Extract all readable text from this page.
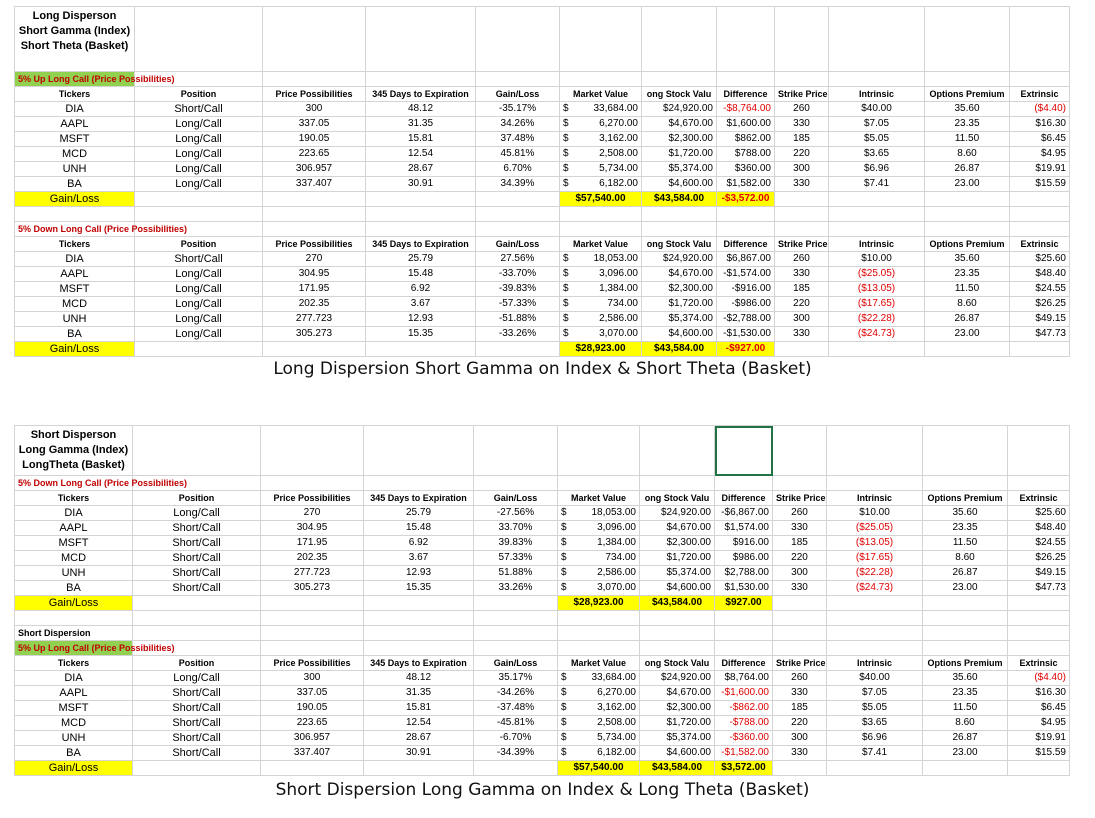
Long Disperson Short Gamma (Index) Short Theta (Basket)											
5% Up Long Call (Price Possibilities)											
Tickers	Position	Price Possibilities	345 Days to Expiration	Gain/Loss	Market Value	ong Stock Valu	Difference	Strike Price	Intrinsic	Options Premium	Extrinsic
DIA	Short/Call	300	48.12	-35.17%	$ 33,684.00	$24,920.00	-$8,764.00	260	$40.00	35.60	($4.40)
AAPL	Long/Call	337.05	31.35	34.26%	$ 6,270.00	$4,670.00	$1,600.00	330	$7.05	23.35	$16.30
MSFT	Long/Call	190.05	15.81	37.48%	$ 3,162.00	$2,300.00	$862.00	185	$5.05	11.50	$6.45
MCD	Long/Call	223.65	12.54	45.81%	$ 2,508.00	$1,720.00	$788.00	220	$3.65	8.60	$4.95
UNH	Long/Call	306.957	28.67	6.70%	$ 5,734.00	$5,374.00	$360.00	300	$6.96	26.87	$19.91
BA	Long/Call	337.407	30.91	34.39%	$ 6,182.00	$4,600.00	$1,582.00	330	$7.41	23.00	$15.59
Gain/Loss					$57,540.00	$43,584.00	-$3,572.00				

5% Down Long Call (Price Possibilities)											
Tickers	Position	Price Possibilities	345 Days to Expiration	Gain/Loss	Market Value	ong Stock Valu	Difference	Strike Price	Intrinsic	Options Premium	Extrinsic
DIA	Short/Call	270	25.79	27.56%	$ 18,053.00	$24,920.00	$6,867.00	260	$10.00	35.60	$25.60
AAPL	Long/Call	304.95	15.48	-33.70%	$ 3,096.00	$4,670.00	-$1,574.00	330	($25.05)	23.35	$48.40
MSFT	Long/Call	171.95	6.92	-39.83%	$ 1,384.00	$2,300.00	-$916.00	185	($13.05)	11.50	$24.55
MCD	Long/Call	202.35	3.67	-57.33%	$ 734.00	$1,720.00	-$986.00	220	($17.65)	8.60	$26.25
UNH	Long/Call	277.723	12.93	-51.88%	$ 2,586.00	$5,374.00	-$2,788.00	300	($22.28)	26.87	$49.15
BA	Long/Call	305.273	15.35	-33.26%	$ 3,070.00	$4,600.00	-$1,530.00	330	($24.73)	23.00	$47.73
Gain/Loss					$28,923.00	$43,584.00	-$927.00				
Long Dispersion Short Gamma on Index & Short Theta (Basket)
Short Disperson Long Gamma (Index) LongTheta (Basket)											
5% Down Long Call (Price Possibilities)											
Tickers	Position	Price Possibilities	345 Days to Expiration	Gain/Loss	Market Value	ong Stock Valu	Difference	Strike Price	Intrinsic	Options Premium	Extrinsic
DIA	Long/Call	270	25.79	-27.56%	$ 18,053.00	$24,920.00	-$6,867.00	260	$10.00	35.60	$25.60
AAPL	Short/Call	304.95	15.48	33.70%	$ 3,096.00	$4,670.00	$1,574.00	330	($25.05)	23.35	$48.40
MSFT	Short/Call	171.95	6.92	39.83%	$ 1,384.00	$2,300.00	$916.00	185	($13.05)	11.50	$24.55
MCD	Short/Call	202.35	3.67	57.33%	$ 734.00	$1,720.00	$986.00	220	($17.65)	8.60	$26.25
UNH	Short/Call	277.723	12.93	51.88%	$ 2,586.00	$5,374.00	$2,788.00	300	($22.28)	26.87	$49.15
BA	Short/Call	305.273	15.35	33.26%	$ 3,070.00	$4,600.00	$1,530.00	330	($24.73)	23.00	$47.73
Gain/Loss					$28,923.00	$43,584.00	$927.00				

Short Dispersion											
5% Up Long Call (Price Possibilities)											
Tickers	Position	Price Possibilities	345 Days to Expiration	Gain/Loss	Market Value	ong Stock Valu	Difference	Strike Price	Intrinsic	Options Premium	Extrinsic
DIA	Long/Call	300	48.12	35.17%	$ 33,684.00	$24,920.00	$8,764.00	260	$40.00	35.60	($4.40)
AAPL	Short/Call	337.05	31.35	-34.26%	$ 6,270.00	$4,670.00	-$1,600.00	330	$7.05	23.35	$16.30
MSFT	Short/Call	190.05	15.81	-37.48%	$ 3,162.00	$2,300.00	-$862.00	185	$5.05	11.50	$6.45
MCD	Short/Call	223.65	12.54	-45.81%	$ 2,508.00	$1,720.00	-$788.00	220	$3.65	8.60	$4.95
UNH	Short/Call	306.957	28.67	-6.70%	$ 5,734.00	$5,374.00	-$360.00	300	$6.96	26.87	$19.91
BA	Short/Call	337.407	30.91	-34.39%	$ 6,182.00	$4,600.00	-$1,582.00	330	$7.41	23.00	$15.59
Gain/Loss					$57,540.00	$43,584.00	$3,572.00				
Short Dispersion Long Gamma on Index & Long Theta (Basket)
